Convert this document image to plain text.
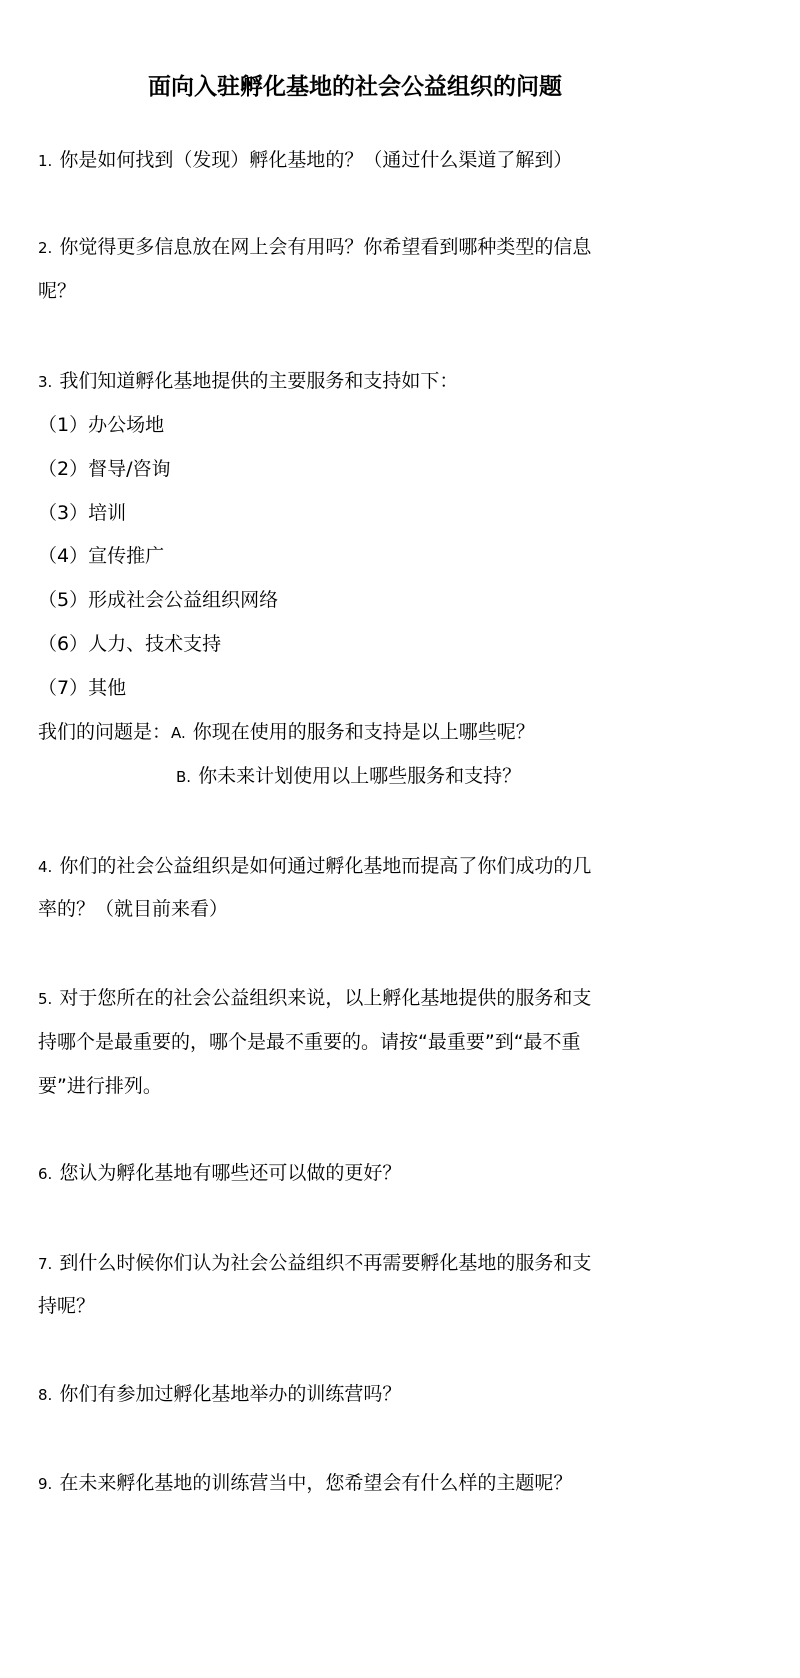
面向入驻孵化基地的社会公益组织的问题
1. 你是如何找到（发现）孵化基地的？（通过什么渠道了解到）
2. 你觉得更多信息放在网上会有用吗？你希望看到哪种类型的信息
呢？
3. 我们知道孵化基地提供的主要服务和支持如下：
（1）办公场地
（2）督导/咨询
（3）培训
（4）宣传推广
（5）形成社会公益组织网络
（6）人力、技术支持
（7）其他
我们的问题是：A. 你现在使用的服务和支持是以上哪些呢？
B. 你未来计划使用以上哪些服务和支持？
4. 你们的社会公益组织是如何通过孵化基地而提高了你们成功的几
率的？（就目前来看）
5. 对于您所在的社会公益组织来说，以上孵化基地提供的服务和支
持哪个是最重要的，哪个是最不重要的。请按“最重要”到“最不重
要”进行排列。
6. 您认为孵化基地有哪些还可以做的更好？
7. 到什么时候你们认为社会公益组织不再需要孵化基地的服务和支
持呢？
8. 你们有参加过孵化基地举办的训练营吗？
9. 在未来孵化基地的训练营当中，您希望会有什么样的主题呢？
